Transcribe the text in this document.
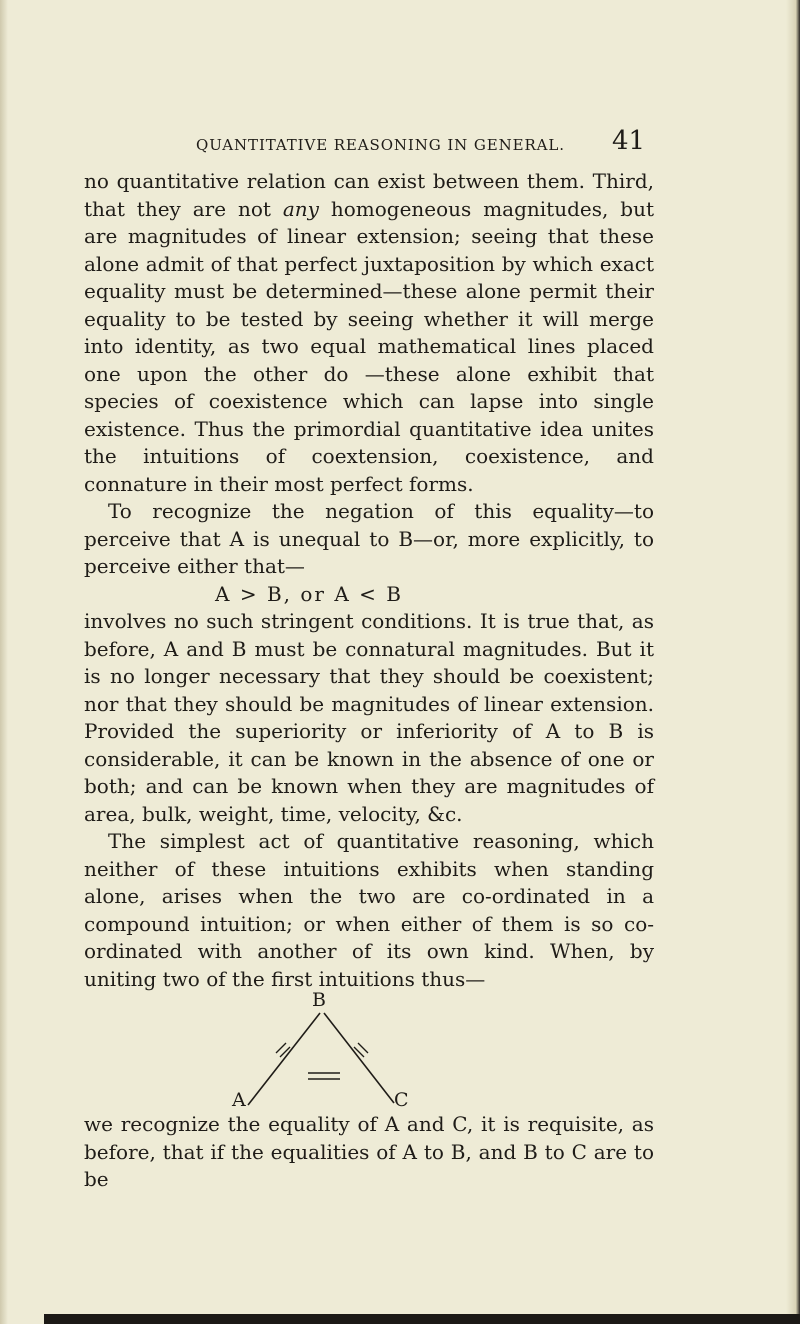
QUANTITATIVE REASONING IN GENERAL. 41

no quantitative relation can exist between them. Third, that they are not any homogeneous magnitudes, but are magnitudes of linear extension; seeing that these alone admit of that perfect juxtaposition by which exact equality must be determined—these alone permit their equality to be tested by seeing whether it will merge into identity, as two equal mathematical lines placed one upon the other do —these alone exhibit that species of coexistence which can lapse into single existence. Thus the primordial quantitative idea unites the intuitions of coextension, coexistence, and connature in their most perfect forms.

To recognize the negation of this equality—to perceive that A is unequal to B—or, more explicitly, to perceive either that—

A > B, or A < B

involves no such stringent conditions. It is true that, as before, A and B must be connatural magnitudes. But it is no longer necessary that they should be coexistent; nor that they should be magnitudes of linear extension. Provided the superiority or inferiority of A to B is considerable, it can be known in the absence of one or both; and can be known when they are magnitudes of area, bulk, weight, time, velocity, &c.

The simplest act of quantitative reasoning, which neither of these intuitions exhibits when standing alone, arises when the two are co-ordinated in a compound intuition; or when either of them is so co-ordinated with another of its own kind. When, by uniting two of the first intuitions thus—

B
A	C

we recognize the equality of A and C, it is requisite, as before, that if the equalities of A to B, and B to C are to be
